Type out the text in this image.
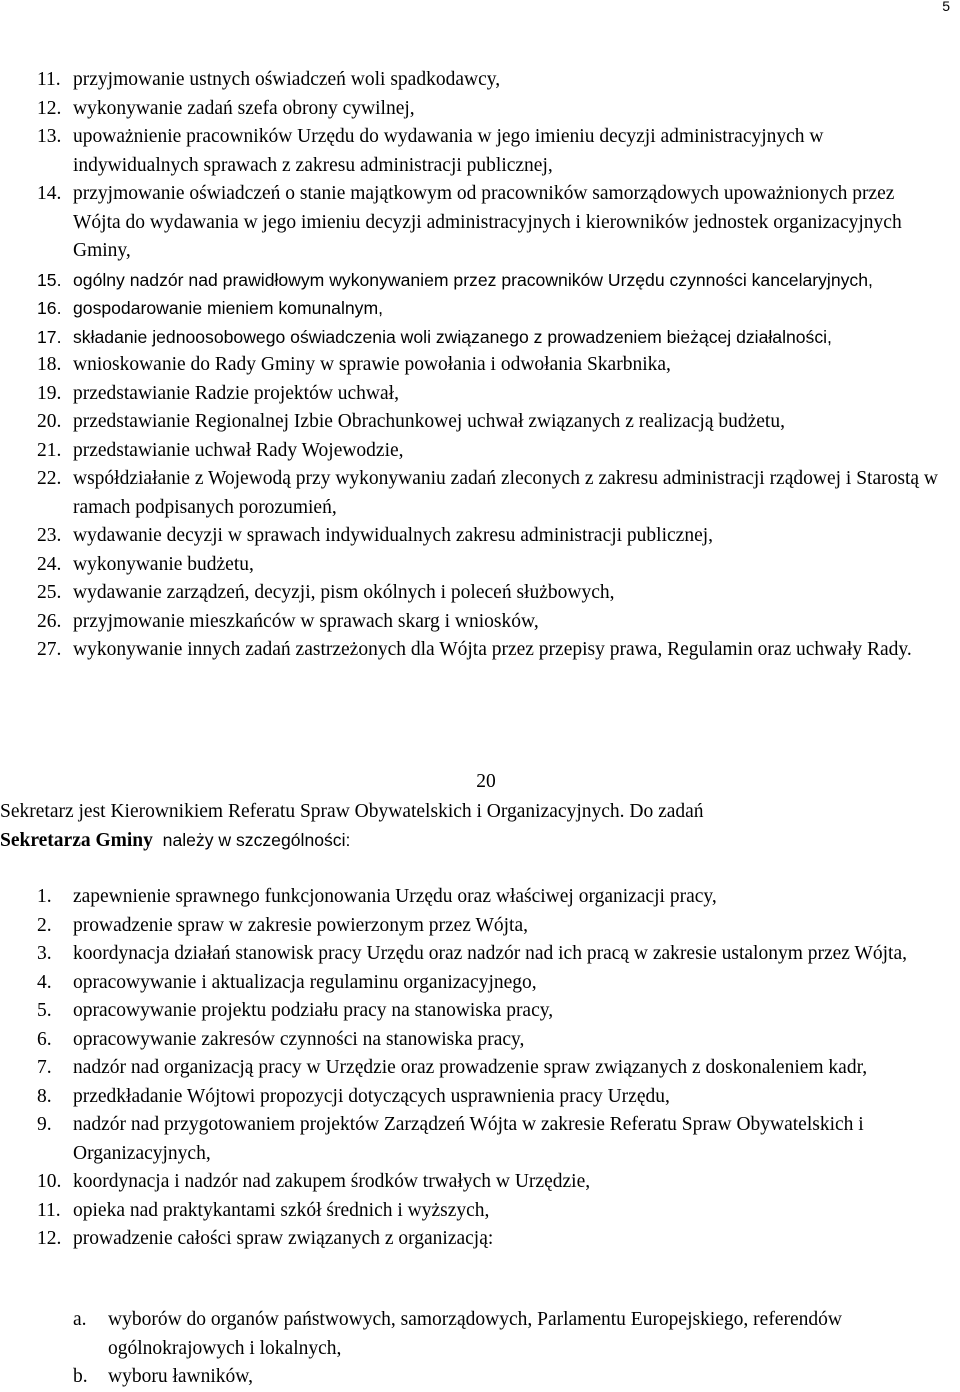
5
11. przyjmowanie ustnych oświadczeń woli spadkodawcy,
12. wykonywanie zadań szefa obrony cywilnej,
13. upoważnienie pracowników Urzędu do wydawania w jego imieniu decyzji administracyjnych w indywidualnych sprawach z zakresu administracji publicznej,
14. przyjmowanie oświadczeń o stanie majątkowym od pracowników samorządowych upoważnionych przez Wójta do wydawania w jego imieniu decyzji administracyjnych i kierowników jednostek organizacyjnych Gminy,
15. ogólny nadzór nad prawidłowym wykonywaniem przez pracowników Urzędu czynności kancelaryjnych,
16. gospodarowanie mieniem komunalnym,
17. składanie jednoosobowego oświadczenia woli związanego z prowadzeniem bieżącej działalności,
18. wnioskowanie do Rady Gminy w sprawie powołania i odwołania Skarbnika,
19. przedstawianie Radzie projektów uchwał,
20. przedstawianie Regionalnej Izbie Obrachunkowej uchwał związanych z realizacją budżetu,
21. przedstawianie uchwał Rady Wojewodzie,
22. współdziałanie z Wojewodą przy wykonywaniu zadań zleconych z zakresu administracji rządowej i Starostą w ramach podpisanych porozumień,
23. wydawanie decyzji w sprawach indywidualnych zakresu administracji publicznej,
24. wykonywanie budżetu,
25. wydawanie zarządzeń, decyzji, pism okólnych i poleceń służbowych,
26. przyjmowanie mieszkańców w sprawach skarg i wniosków,
27. wykonywanie innych zadań zastrzeżonych dla Wójta przez przepisy prawa, Regulamin oraz uchwały Rady.
20
Sekretarz jest Kierownikiem Referatu Spraw Obywatelskich i Organizacyjnych. Do zadań
Sekretarza Gminy należy w szczególności:
1. zapewnienie sprawnego funkcjonowania Urzędu oraz właściwej organizacji pracy,
2. prowadzenie spraw w zakresie powierzonym przez Wójta,
3. koordynacja działań stanowisk pracy Urzędu oraz nadzór nad ich pracą w zakresie ustalonym przez Wójta,
4. opracowywanie i aktualizacja regulaminu organizacyjnego,
5. opracowywanie projektu podziału pracy na stanowiska pracy,
6. opracowywanie zakresów czynności na stanowiska pracy,
7. nadzór nad organizacją pracy w Urzędzie oraz prowadzenie spraw związanych z doskonaleniem kadr,
8. przedkładanie Wójtowi propozycji dotyczących usprawnienia pracy Urzędu,
9. nadzór nad przygotowaniem projektów Zarządzeń Wójta w zakresie Referatu Spraw Obywatelskich i Organizacyjnych,
10. koordynacja i nadzór nad zakupem środków trwałych w Urzędzie,
11. opieka nad praktykantami szkół średnich i wyższych,
12. prowadzenie całości spraw związanych z organizacją:
a. wyborów do organów państwowych, samorządowych, Parlamentu Europejskiego, referendów ogólnokrajowych i lokalnych,
b. wyboru ławników,
